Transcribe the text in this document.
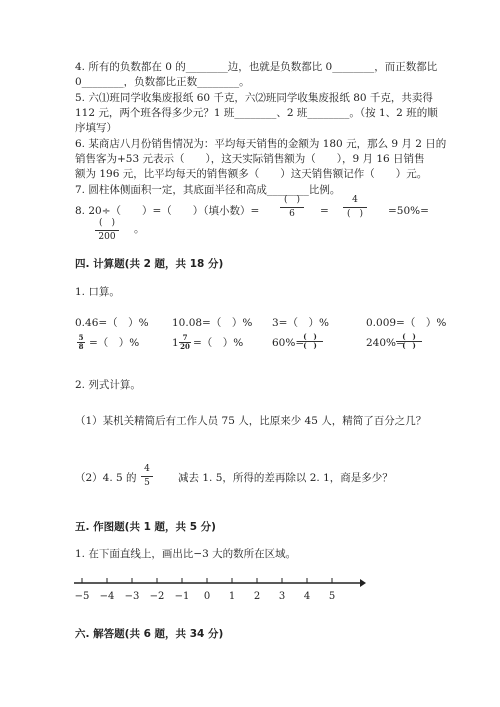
4. 所有的负数都在 0 的________边，也就是负数都比 0________，而正数都比
0________，负数都比正数________。
5. 六⑴班同学收集废报纸 60 千克，六⑵班同学收集废报纸 80 千克，共卖得
112 元，两个班各得多少元？1 班________、2 班________。（按 1、2 班的顺
序填写）
6. 某商店八月份销售情况为：平均每天销售的金额为 180 元，那么 9 月 2 日的
销售客为+53 元表示（　　），这天实际销售额为（　　），9 月 16 日销售
额为 196 元，比平均每天的销售额多（　　）这天销售额记作（　　）元。
7. 圆柱体侧面积一定，其底面半径和高成________比例。
8. 20÷（　　）=（　　）（填小数）=
(　)
6	=
4
(　)	=50%=
(　)
200
。
四. 计算题(共 2 题，共 18 分)
1. 口算。
0.46=（　）% 10.08=（　）% 3=（　）%	0.009=（　）%
5
8 =（　）%	1 7
20 =（　）%	60%=
(　)
(　)	240%=
(　)
(　)
2. 列式计算。
（1）某机关精简后有工作人员 75 人，比原来少 45 人，精简了百分之几？
（2）4. 5 的
4
5	减去 1. 5，所得的差再除以 2. 1，商是多少？
五. 作图题(共 1 题，共 5 分)
1. 在下面直线上，画出比−3 大的数所在区域。
−5 −4 −3 −2 −1 0 1 2 3 4 5
六. 解答题(共 6 题，共 34 分)
